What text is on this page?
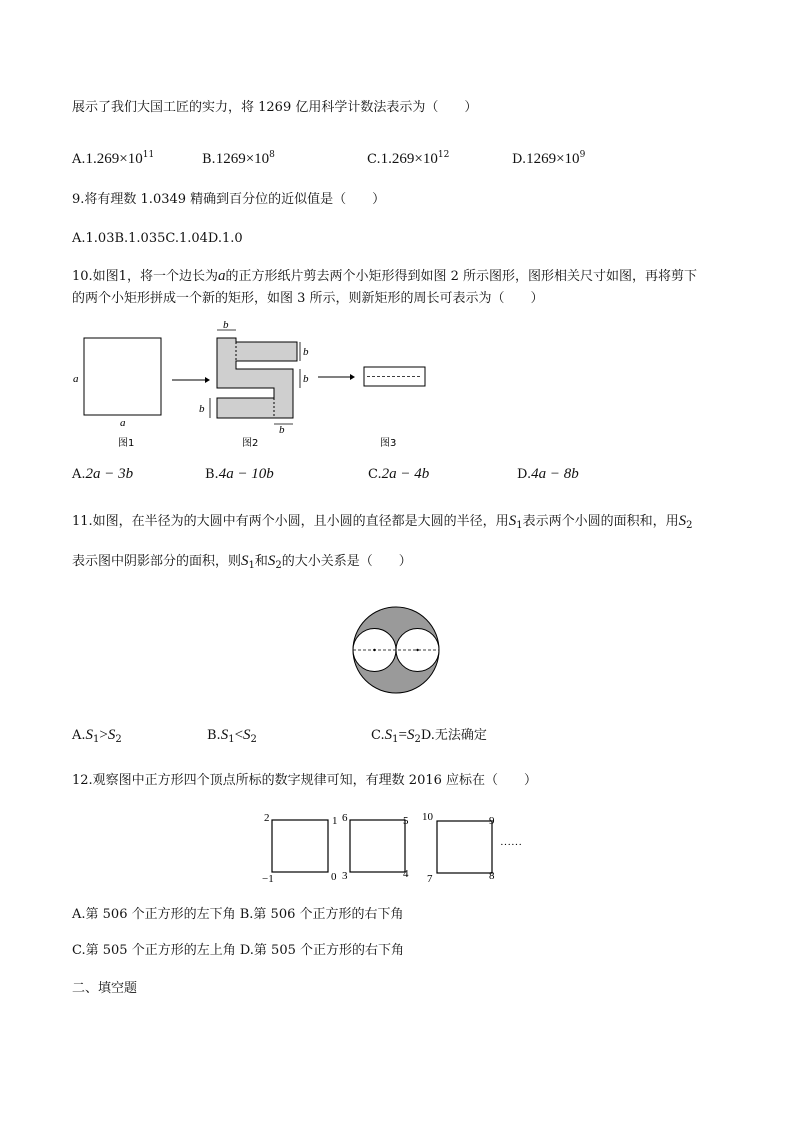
展示了我们大国工匠的实力，将 1269 亿用科学计数法表示为（　　）
$A.1.269\times 10^{11}$	$B.1269\times 10^8$	$C.1.269\times 10^{12}$	$D.1269\times 10^9$
9.将有理数 1.0349 精确到百分位的近似值是（　　）
A.1.03B.1.035C.1.04D.1.0
10.如图1，将一个边长为a的正方形纸片剪去两个小矩形得到如图 2 所示图形，图形相关尺寸如图，再将剪下
的两个小矩形拼成一个新的矩形，如图 3 所示，则新矩形的周长可表示为（　　）
a
a
图1
b
b
b
b
b
图2	图3
A.2a − 3b	B.4a − 10b	C.2a − 4b	D.4a − 8b
11.如图，在半径为的大圆中有两个小圆，且小圆的直径都是大圆的半径，用$S_1$表示两个小圆的面积和，用$S_2$
表示图中阴影部分的面积，则$S_1$和$S_2$的大小关系是（　　）
$A.S_1>S_2$	$B.S_1<S_2$	$C.S_1=S_2D$.无法确定
12.观察图中正方形四个顶点所标的数字规律可知，有理数 2016 应标在（　　）
2	1
−1	0
6	5
3	4
10	9
7	8
······
A.第 506 个正方形的左下角 B.第 506 个正方形的右下角
C.第 505 个正方形的左上角 D.第 505 个正方形的右下角
二、填空题
